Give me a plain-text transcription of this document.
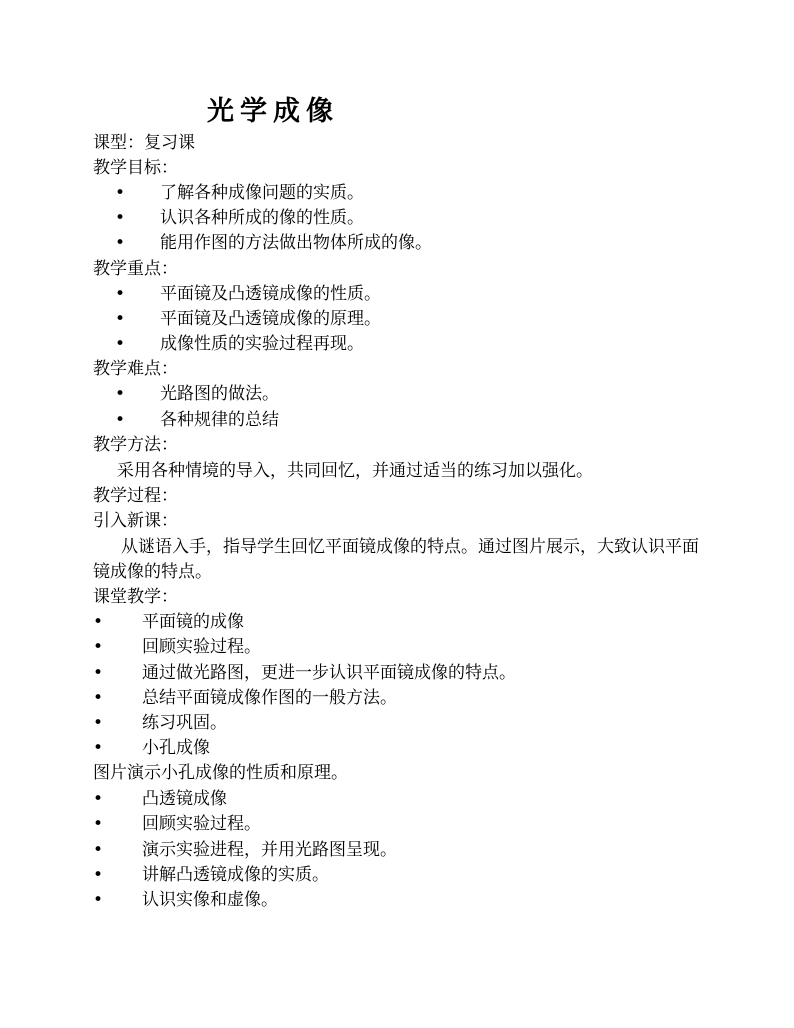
光学成像
课型：复习课
教学目标：
• 了解各种成像问题的实质。
• 认识各种所成的像的性质。
• 能用作图的方法做出物体所成的像。
教学重点：
• 平面镜及凸透镜成像的性质。
• 平面镜及凸透镜成像的原理。
• 成像性质的实验过程再现。
教学难点：
• 光路图的做法。
• 各种规律的总结
教学方法：
采用各种情境的导入，共同回忆，并通过适当的练习加以强化。
教学过程：
引入新课：
从谜语入手，指导学生回忆平面镜成像的特点。通过图片展示，大致认识平面镜成像的特点。
课堂教学：
• 平面镜的成像
• 回顾实验过程。
• 通过做光路图，更进一步认识平面镜成像的特点。
• 总结平面镜成像作图的一般方法。
• 练习巩固。
• 小孔成像
图片演示小孔成像的性质和原理。
• 凸透镜成像
• 回顾实验过程。
• 演示实验进程，并用光路图呈现。
• 讲解凸透镜成像的实质。
• 认识实像和虚像。
